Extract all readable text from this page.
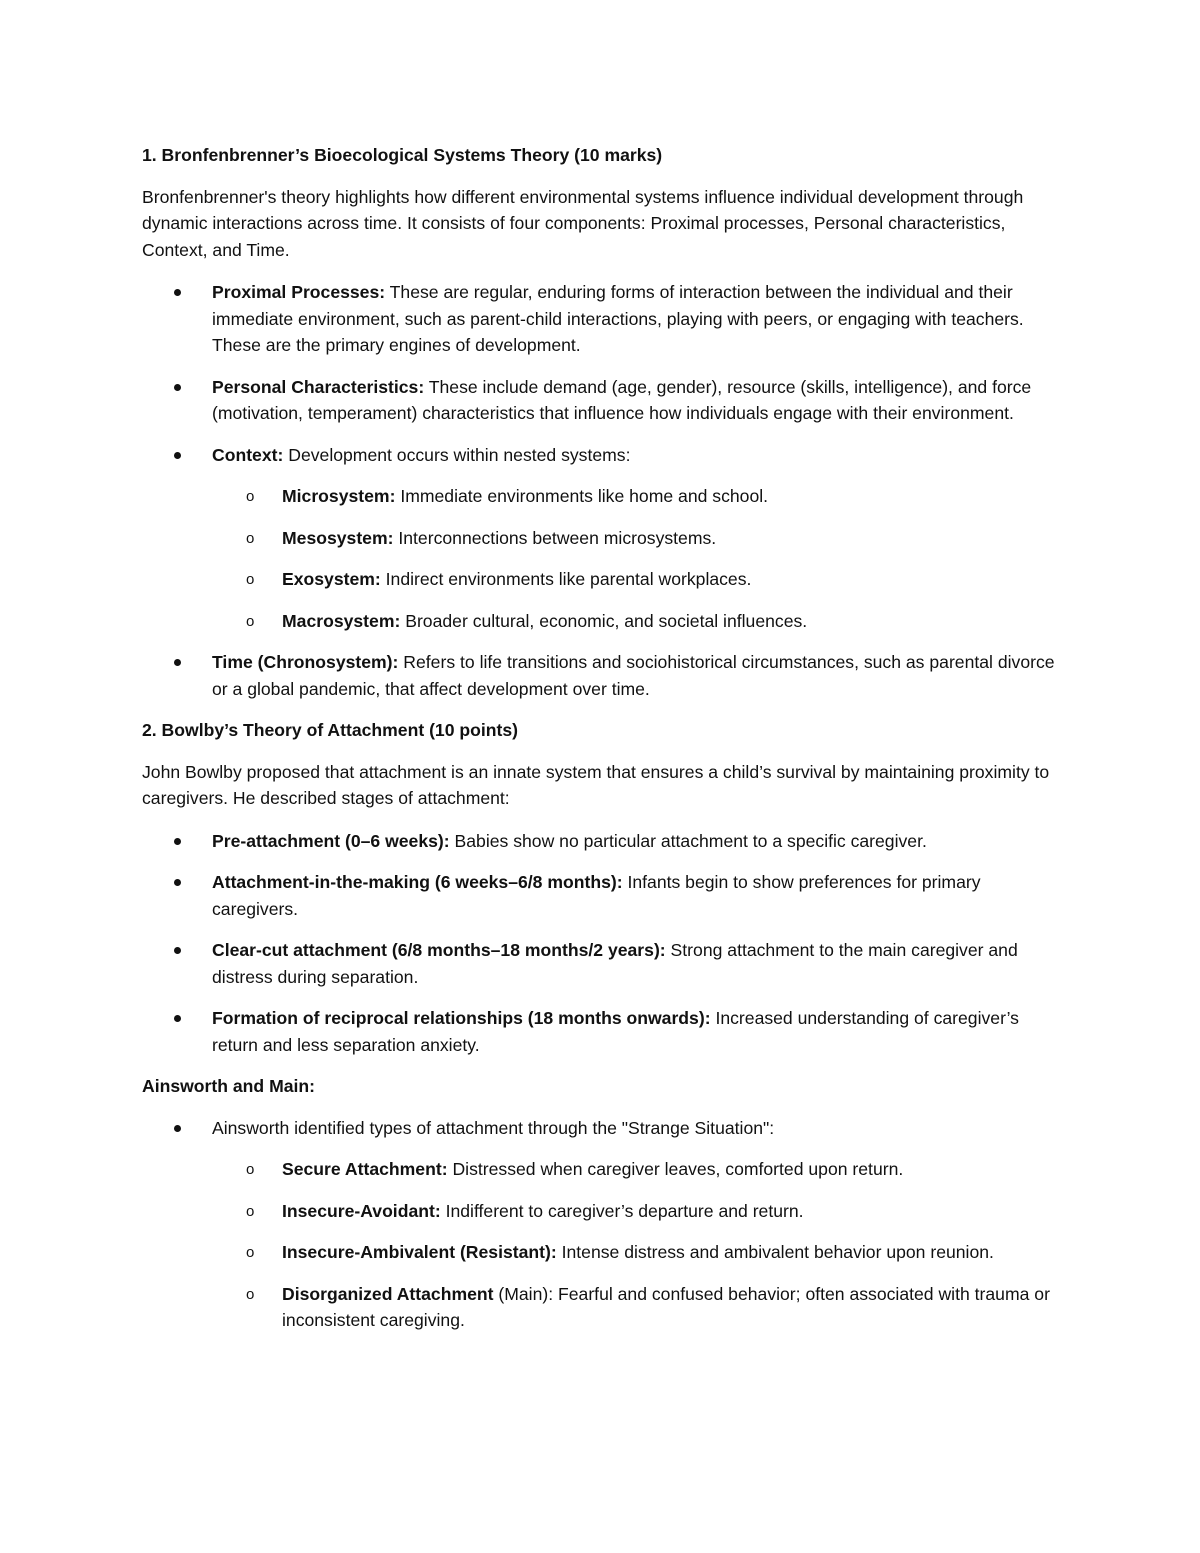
1. Bronfenbrenner’s Bioecological Systems Theory (10 marks)

Bronfenbrenner's theory highlights how different environmental systems influence individual development through dynamic interactions across time. It consists of four components: Proximal processes, Personal characteristics, Context, and Time.

Proximal Processes: These are regular, enduring forms of interaction between the individual and their immediate environment, such as parent-child interactions, playing with peers, or engaging with teachers. These are the primary engines of development.
Personal Characteristics: These include demand (age, gender), resource (skills, intelligence), and force (motivation, temperament) characteristics that influence how individuals engage with their environment.
Context: Development occurs within nested systems:
o Microsystem: Immediate environments like home and school.
o Mesosystem: Interconnections between microsystems.
o Exosystem: Indirect environments like parental workplaces.
o Macrosystem: Broader cultural, economic, and societal influences.
Time (Chronosystem): Refers to life transitions and sociohistorical circumstances, such as parental divorce or a global pandemic, that affect development over time.
2. Bowlby’s Theory of Attachment (10 points)

John Bowlby proposed that attachment is an innate system that ensures a child’s survival by maintaining proximity to caregivers. He described stages of attachment:

Pre-attachment (0–6 weeks): Babies show no particular attachment to a specific caregiver.
Attachment-in-the-making (6 weeks–6/8 months): Infants begin to show preferences for primary caregivers.
Clear-cut attachment (6/8 months–18 months/2 years): Strong attachment to the main caregiver and distress during separation.
Formation of reciprocal relationships (18 months onwards): Increased understanding of caregiver’s return and less separation anxiety.
Ainsworth and Main:
Ainsworth identified types of attachment through the "Strange Situation":
o Secure Attachment: Distressed when caregiver leaves, comforted upon return.
o Insecure-Avoidant: Indifferent to caregiver’s departure and return.
o Insecure-Ambivalent (Resistant): Intense distress and ambivalent behavior upon reunion.
o Disorganized Attachment (Main): Fearful and confused behavior; often associated with trauma or inconsistent caregiving.
